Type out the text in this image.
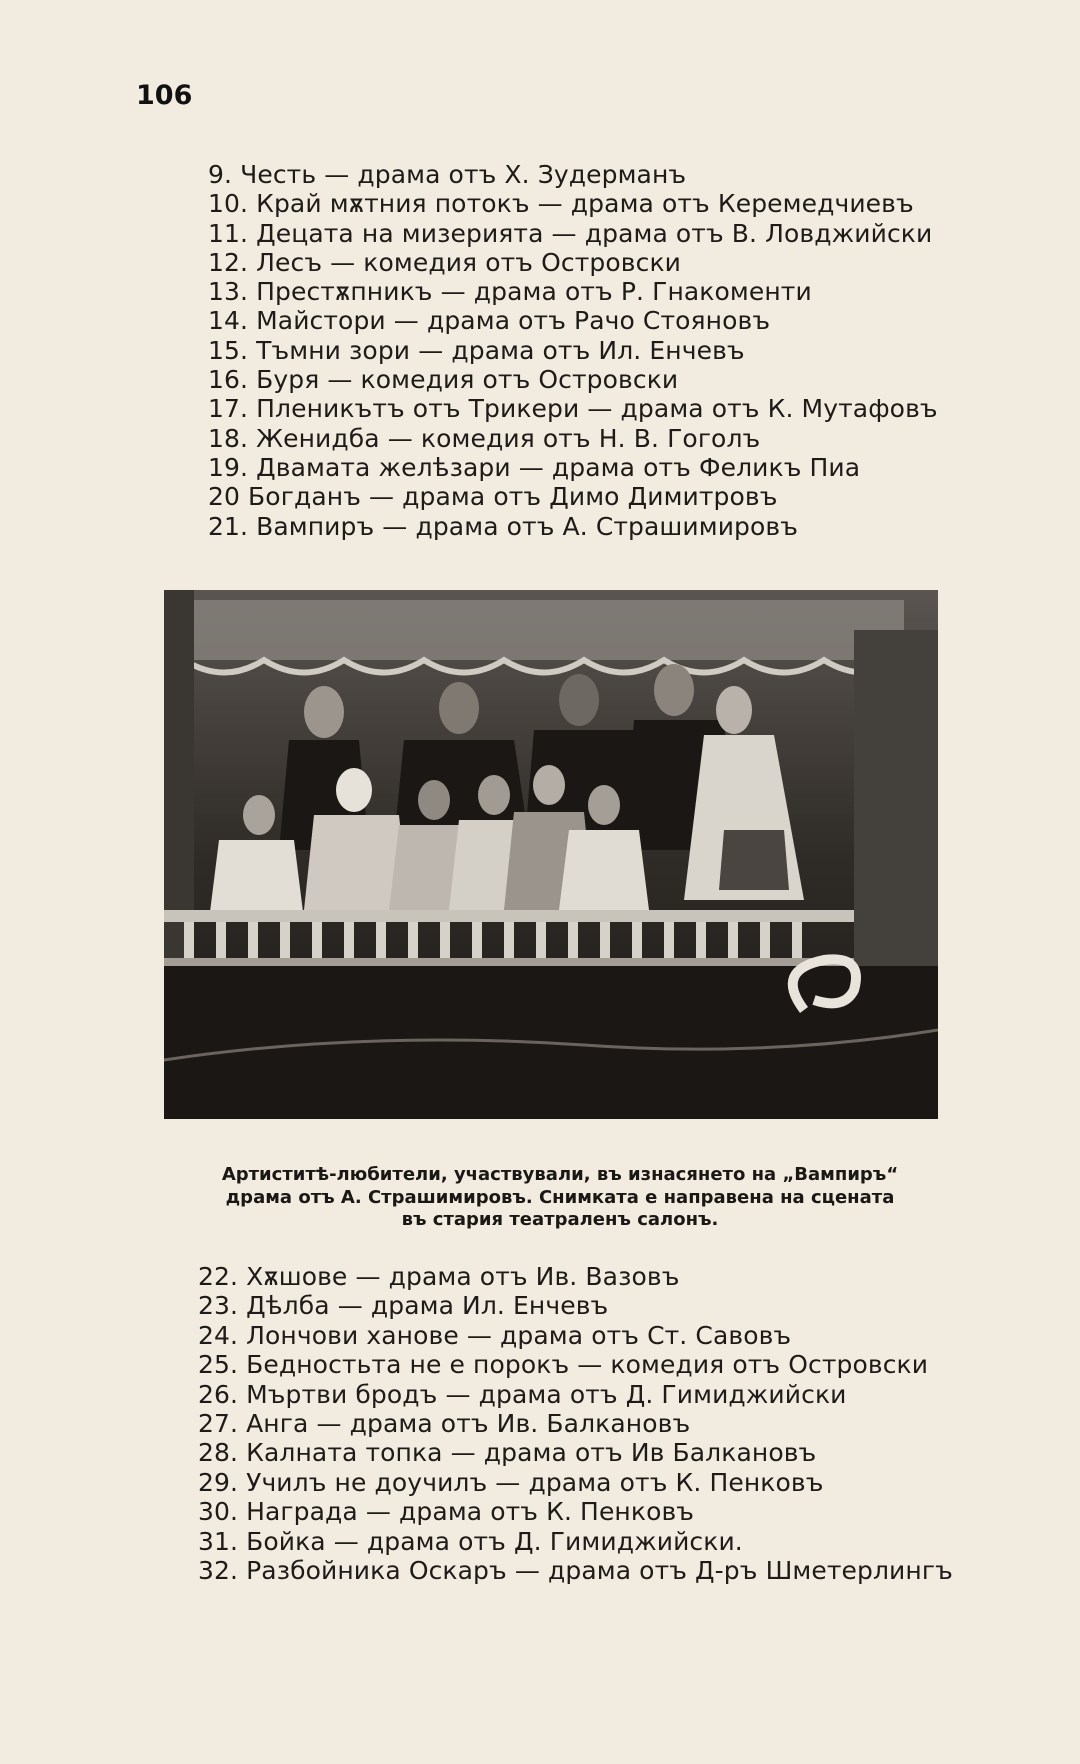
106
9. Честь — драма отъ Х. Зудерманъ
10. Край мѫтния потокъ — драма отъ Керемедчиевъ
11. Децата на мизерията — драма отъ В. Ловджийски
12. Лесъ — комедия отъ Островски
13. Престѫпникъ — драма отъ Р. Гнакоменти
14. Майстори — драма отъ Рачо Стояновъ
15. Тъмни зори — драма отъ Ил. Енчевъ
16. Буря — комедия отъ Островски
17. Пленикътъ отъ Трикери — драма отъ К. Мутафовъ
18. Женидба — комедия отъ Н. В. Гоголъ
19. Двамата желѣзари — драма отъ Феликъ Пиа
20 Богданъ — драма отъ Димо Димитровъ
21. Вампиръ — драма отъ А. Страшимировъ
Артиститѣ-любители, участвували, въ изнасянето на „Вампиръ“
драма отъ А. Страшимировъ. Снимката е направена на сцената
въ стария театраленъ салонъ.
22. Хѫшове — драма отъ Ив. Вазовъ
23. Дѣлба — драма Ил. Енчевъ
24. Лончови ханове — драма отъ Ст. Савовъ
25. Бедностьта не е порокъ — комедия отъ Островски
26. Мъртви бродъ — драма отъ Д. Гимиджийски
27. Анга — драма отъ Ив. Балкановъ
28. Калната топка — драма отъ Ив Балкановъ
29. Училъ не доучилъ — драма отъ К. Пенковъ
30. Награда — драма отъ К. Пенковъ
31. Бойка — драма отъ Д. Гимиджийски.
32. Разбойника Оскаръ — драма отъ Д-ръ Шметерлингъ
